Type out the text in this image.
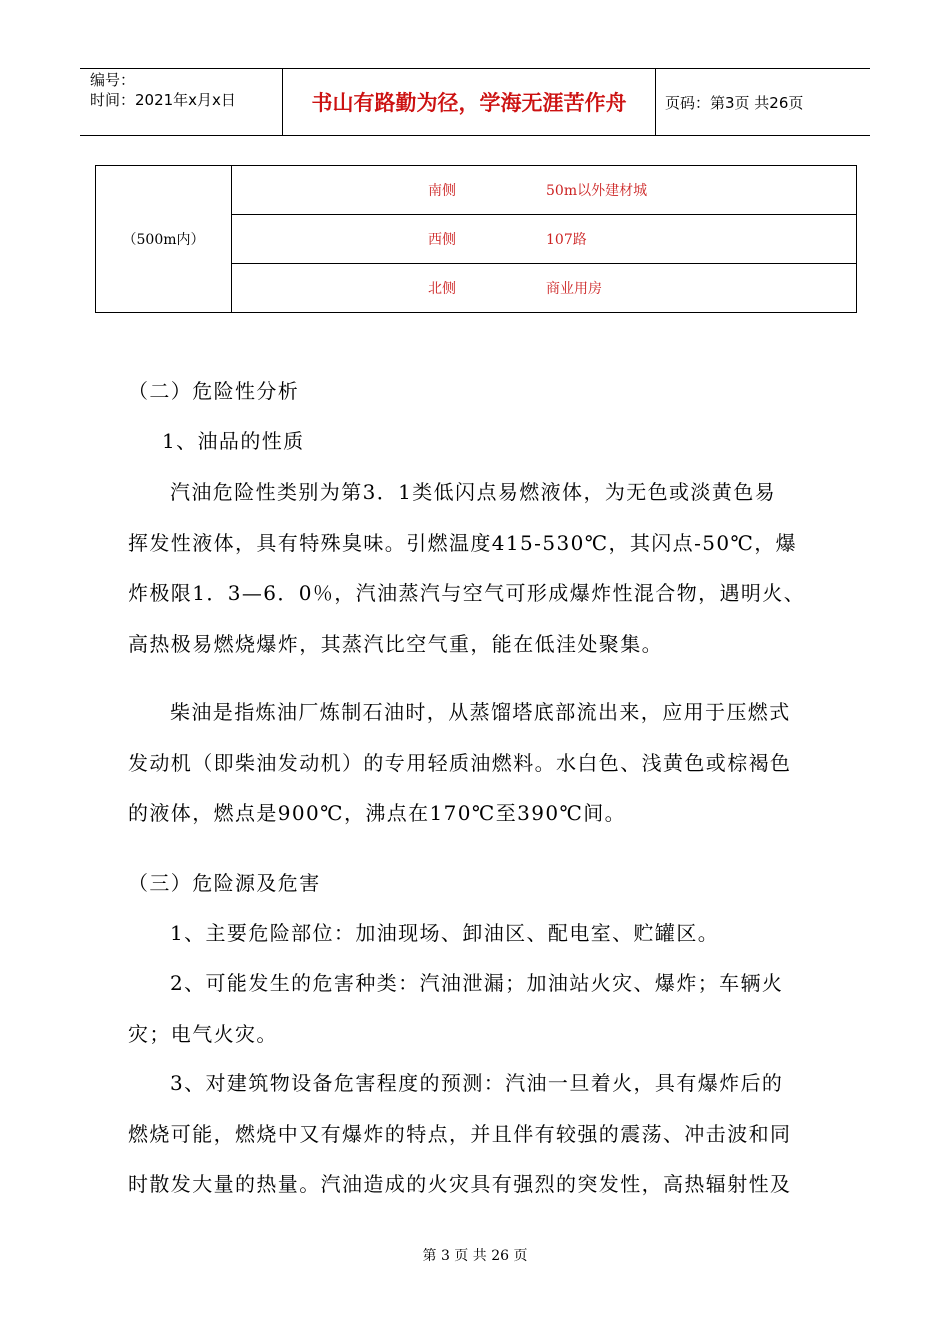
编号：
时间：2021年x月x日	书山有路勤为径，学海无涯苦作舟	页码：第3页 共26页
（500m内）	南侧	50m以外建材城
西侧	107路
北侧	商业用房
（二）危险性分析
1、油品的性质
汽油危险性类别为第3．1类低闪点易燃液体，为无色或淡黄色易
挥发性液体，具有特殊臭味。引燃温度415-530℃，其闪点-50℃，爆
炸极限1．3—6．0％，汽油蒸汽与空气可形成爆炸性混合物，遇明火、
高热极易燃烧爆炸，其蒸汽比空气重，能在低洼处聚集。
柴油是指炼油厂炼制石油时，从蒸馏塔底部流出来，应用于压燃式
发动机（即柴油发动机）的专用轻质油燃料。水白色、浅黄色或棕褐色
的液体，燃点是900℃，沸点在170℃至390℃间。
（三）危险源及危害
1、主要危险部位：加油现场、卸油区、配电室、贮罐区。
2、可能发生的危害种类：汽油泄漏；加油站火灾、爆炸；车辆火
灾；电气火灾。
3、对建筑物设备危害程度的预测：汽油一旦着火，具有爆炸后的
燃烧可能，燃烧中又有爆炸的特点，并且伴有较强的震荡、冲击波和同
时散发大量的热量。汽油造成的火灾具有强烈的突发性，高热辐射性及
第 3 页 共 26 页
